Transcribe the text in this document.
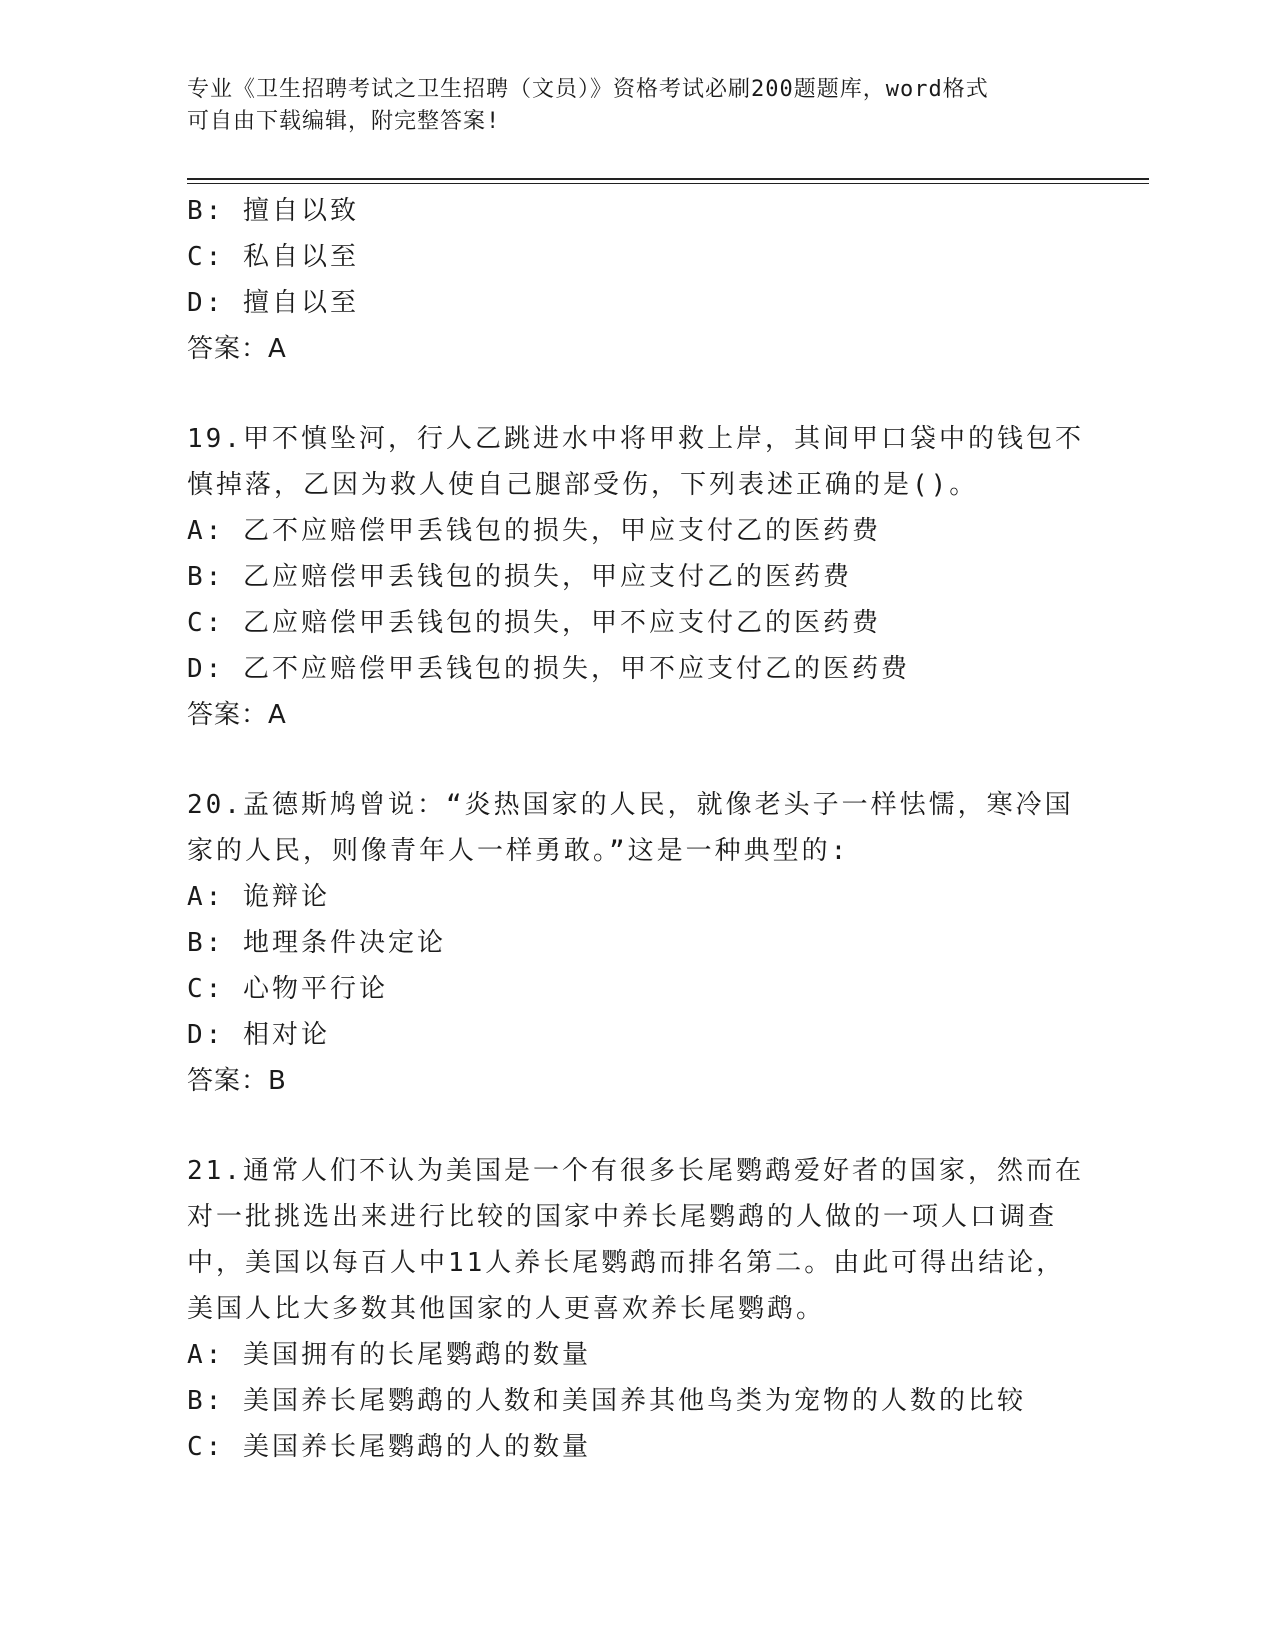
专业《卫生招聘考试之卫生招聘（文员）》资格考试必刷200题题库，word格式
可自由下载编辑，附完整答案!
B: 擅自以致
C: 私自以至
D: 擅自以至
答案：A
19.甲不慎坠河，行人乙跳进水中将甲救上岸，其间甲口袋中的钱包不
慎掉落，乙因为救人使自己腿部受伤，下列表述正确的是()。
A: 乙不应赔偿甲丢钱包的损失，甲应支付乙的医药费
B: 乙应赔偿甲丢钱包的损失，甲应支付乙的医药费
C: 乙应赔偿甲丢钱包的损失，甲不应支付乙的医药费
D: 乙不应赔偿甲丢钱包的损失，甲不应支付乙的医药费
答案：A
20.孟德斯鸠曾说：“炎热国家的人民，就像老头子一样怯懦，寒冷国
家的人民，则像青年人一样勇敢。”这是一种典型的:
A: 诡辩论
B: 地理条件决定论
C: 心物平行论
D: 相对论
答案：B
21.通常人们不认为美国是一个有很多长尾鹦鹉爱好者的国家，然而在
对一批挑选出来进行比较的国家中养长尾鹦鹉的人做的一项人口调查
中，美国以每百人中11人养长尾鹦鹉而排名第二。由此可得出结论，
美国人比大多数其他国家的人更喜欢养长尾鹦鹉。
A: 美国拥有的长尾鹦鹉的数量
B: 美国养长尾鹦鹉的人数和美国养其他鸟类为宠物的人数的比较
C: 美国养长尾鹦鹉的人的数量
